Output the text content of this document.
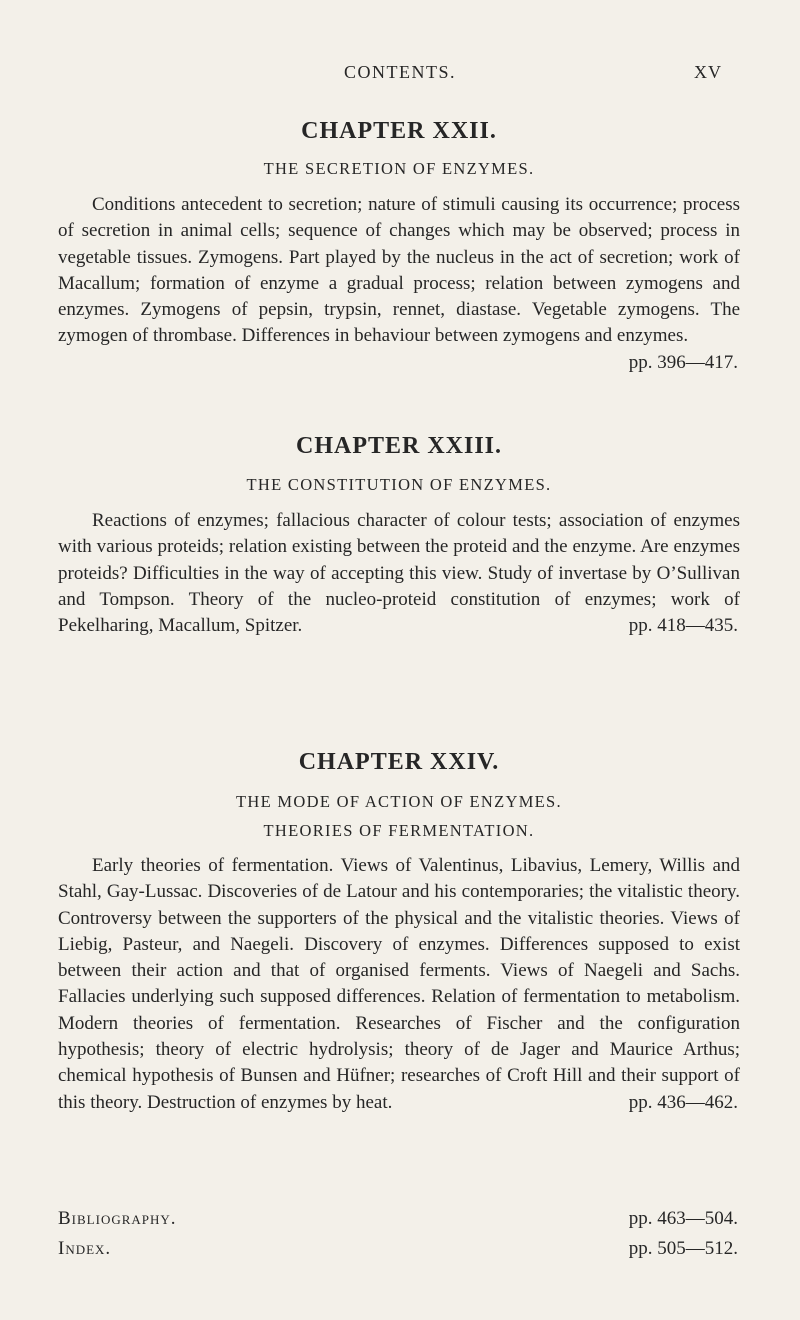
CONTENTS.	XV
CHAPTER XXII.

THE SECRETION OF ENZYMES.

Conditions antecedent to secretion; nature of stimuli causing its occurrence; process of secretion in animal cells; sequence of changes which may be observed; process in vegetable tissues. Zymogens. Part played by the nucleus in the act of secretion; work of Macallum; formation of enzyme a gradual process; relation between zymogens and enzymes. Zymogens of pepsin, trypsin, rennet, diastase. Vegetable zymogens. The zymogen of thrombase. Differences in behaviour between zymogens and enzymes.
pp. 396—417.

CHAPTER XXIII.

THE CONSTITUTION OF ENZYMES.

Reactions of enzymes; fallacious character of colour tests; association of enzymes with various proteids; relation existing between the proteid and the enzyme. Are enzymes proteids? Difficulties in the way of accepting this view. Study of invertase by O’Sullivan and Tompson. Theory of the nucleo-proteid constitution of enzymes; work of Pekelharing, Macallum, Spitzer.	pp. 418—435.

CHAPTER XXIV.

THE MODE OF ACTION OF ENZYMES.

THEORIES OF FERMENTATION.

Early theories of fermentation. Views of Valentinus, Libavius, Lemery, Willis and Stahl, Gay-Lussac. Discoveries of de Latour and his contemporaries; the vitalistic theory. Controversy between the supporters of the physical and the vitalistic theories. Views of Liebig, Pasteur, and Naegeli. Discovery of enzymes. Differences supposed to exist between their action and that of organised ferments. Views of Naegeli and Sachs. Fallacies underlying such supposed differences. Relation of fermentation to metabolism. Modern theories of fermentation. Researches of Fischer and the configuration hypothesis; theory of electric hydrolysis; theory of de Jager and Maurice Arthus; chemical hypothesis of Bunsen and Hüfner; researches of Croft Hill and their support of this theory. Destruction of enzymes by heat.	pp. 436—462.

Bibliography.	pp. 463—504.
Index.	pp. 505—512.
